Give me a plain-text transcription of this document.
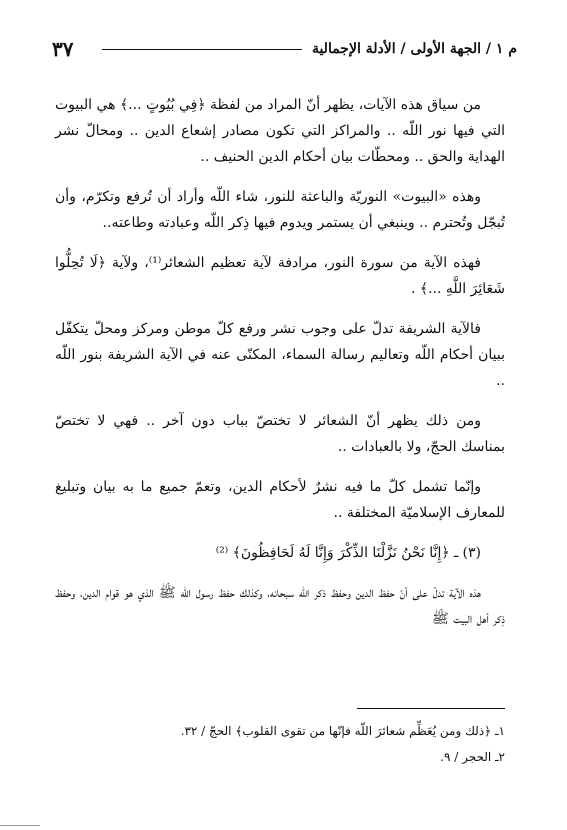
٣٧	م ١ / الجهة الأولى / الأدلة الإجمالية

من سياق هذه الآيات، يظهر أنّ المراد من لفظة ﴿فِي بُيُوتٍ ...﴾ هي البيوت التي فيها نور اللّه .. والمراكز التي تكون مصادر إشعاع الدين .. ومحالّ نشر الهداية والحق .. ومحطّات بيان أحكام الدين الحنيف ..

وهذه «البيوت» النوريّة والباعثة للنور، شاء اللّه وأراد أن تُرفع وتكرّم، وأن تُبجّل وتُحترم .. وينبغي أن يستمر ويدوم فيها ذِكر اللّه وعبادته وطاعته..

فهذه الآية من سورة النور، مرادفة لآية تعظيم الشعائر⁽¹⁾، ولآية ﴿لَا تُحِلُّوا شَعَائِرَ اللَّهِ ...﴾ .

فالآية الشريفة تدلّ على وجوب نشر ورفع كلّ موطن ومركز ومحلّ يتكفّل ببيان أحكام اللّه وتعاليم رسالة السماء، المكنّى عنه في الآية الشريفة بنور اللّه ..

ومن ذلك يظهر أنّ الشعائر لا تختصّ بباب دون آخر .. فهي لا تختصّ بمناسك الحجّ، ولا بالعبادات ..

وإنّما تشمل كلّ ما فيه نشرٌ لأحكام الدين، وتعمّ جميع ما به بيان وتبليغ للمعارف الإسلاميّة المختلفة ..

(٣) ـ ﴿إِنَّا نَحْنُ نَزَّلْنَا الذِّكْرَ وَإِنَّا لَهُ لَحَافِظُونَ﴾ ⁽²⁾

هذه الآية تدلّ على أنّ حفظ الدين وحفظ ذكر اللّه سبحانه، وكذلك حفظ رسول اللّه ﷺ الذي هو قوام الدين، وحفظ ذِكر أهل البيت ﷺ

١ـ ﴿ذلك ومن يُعَظِّم شعائرَ اللّه فإنّها من تقوى القلوب﴾ الحجّ / ٣٢.

٢ـ الحجر / ٩.
